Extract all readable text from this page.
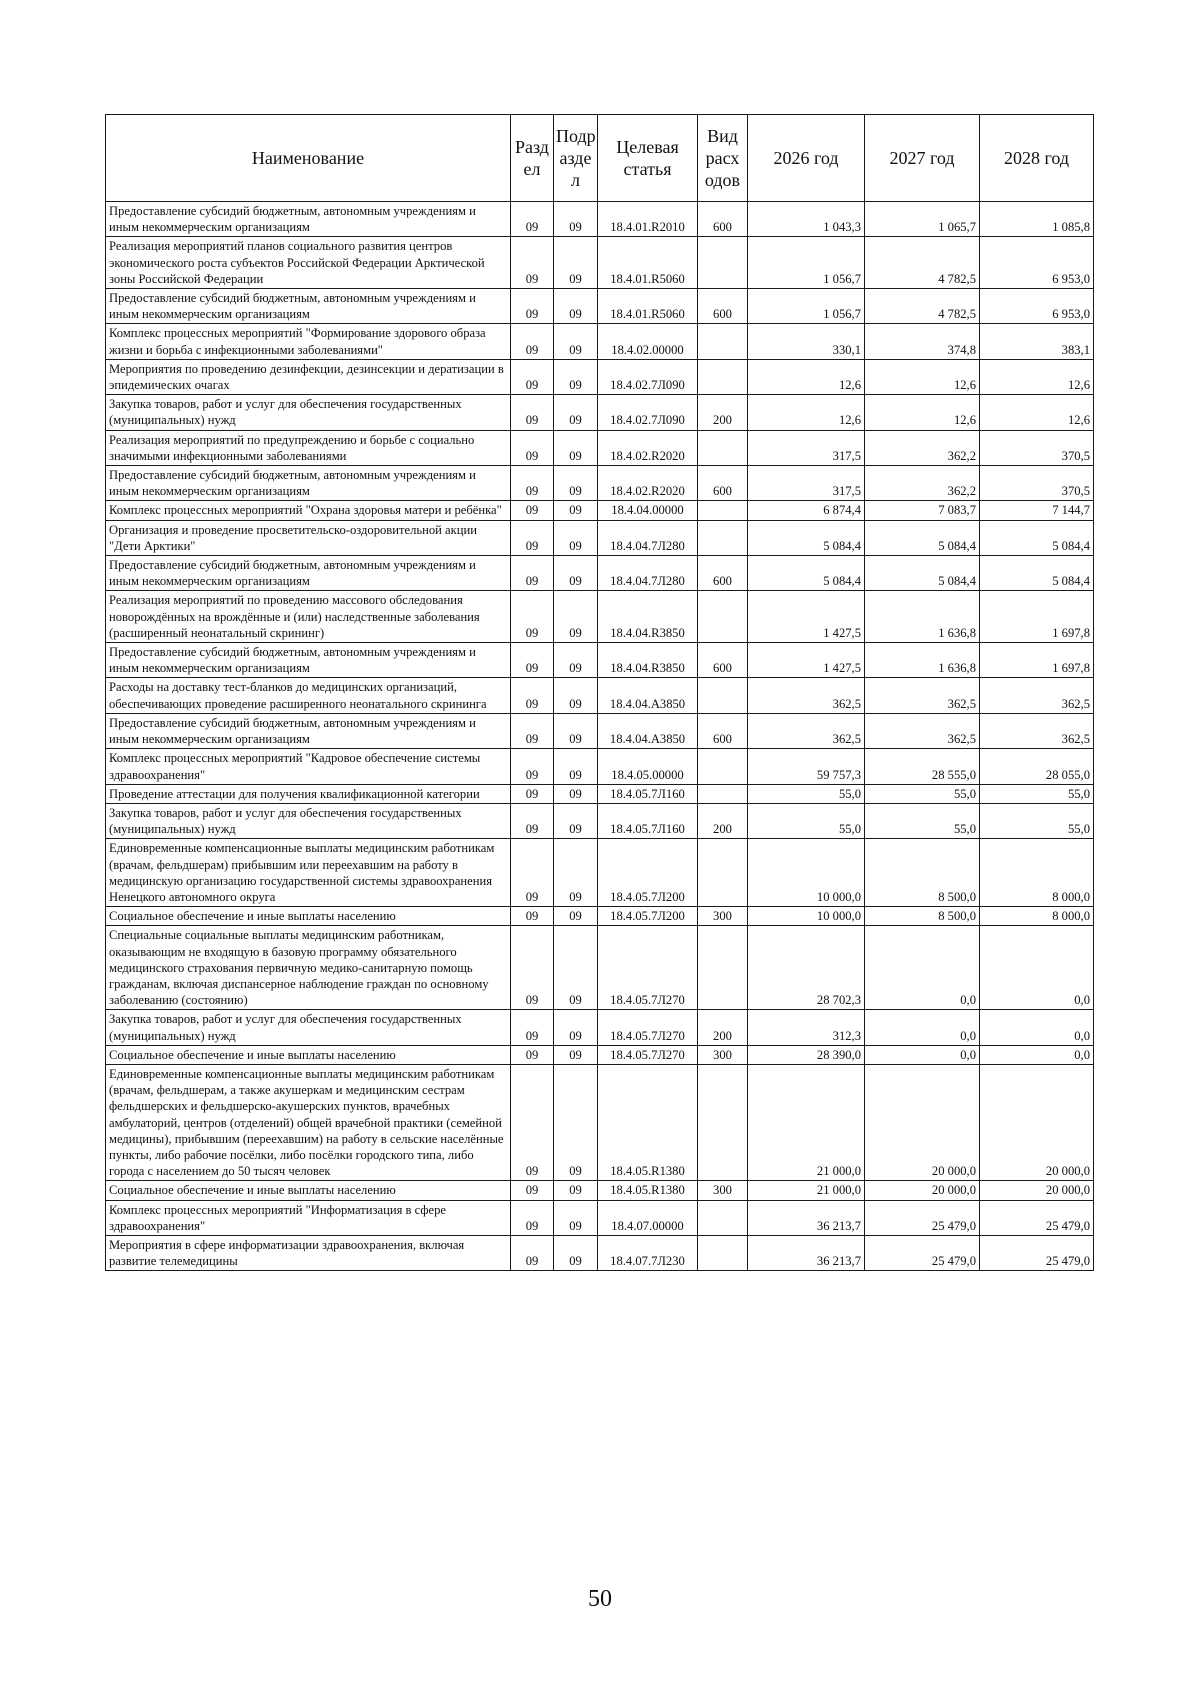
Наименование	Разд ел	Подр азде л	Целевая статья	Вид расх одов	2026 год	2027 год	2028 год
Предоставление субсидий бюджетным, автономным учреждениям и иным некоммерческим организациям	09	09	18.4.01.R2010	600	1 043,3	1 065,7	1 085,8
Реализация мероприятий планов социального развития центров экономического роста субъектов Российской Федерации Арктической зоны Российской Федерации	09	09	18.4.01.R5060		1 056,7	4 782,5	6 953,0
Предоставление субсидий бюджетным, автономным учреждениям и иным некоммерческим организациям	09	09	18.4.01.R5060	600	1 056,7	4 782,5	6 953,0
Комплекс процессных мероприятий "Формирование здорового образа жизни и борьба с инфекционными заболеваниями"	09	09	18.4.02.00000		330,1	374,8	383,1
Мероприятия по проведению дезинфекции, дезинсекции и дератизации в эпидемических очагах	09	09	18.4.02.7Л090		12,6	12,6	12,6
Закупка товаров, работ и услуг для обеспечения государственных (муниципальных) нужд	09	09	18.4.02.7Л090	200	12,6	12,6	12,6
Реализация мероприятий по предупреждению и борьбе с социально значимыми инфекционными заболеваниями	09	09	18.4.02.R2020		317,5	362,2	370,5
Предоставление субсидий бюджетным, автономным учреждениям и иным некоммерческим организациям	09	09	18.4.02.R2020	600	317,5	362,2	370,5
Комплекс процессных мероприятий "Охрана здоровья матери и ребёнка"	09	09	18.4.04.00000		6 874,4	7 083,7	7 144,7
Организация и проведение просветительско-оздоровительной акции "Дети Арктики"	09	09	18.4.04.7Л280		5 084,4	5 084,4	5 084,4
Предоставление субсидий бюджетным, автономным учреждениям и иным некоммерческим организациям	09	09	18.4.04.7Л280	600	5 084,4	5 084,4	5 084,4
Реализация мероприятий по проведению массового обследования новорождённых на врождённые и (или) наследственные заболевания (расширенный неонатальный скрининг)	09	09	18.4.04.R3850		1 427,5	1 636,8	1 697,8
Предоставление субсидий бюджетным, автономным учреждениям и иным некоммерческим организациям	09	09	18.4.04.R3850	600	1 427,5	1 636,8	1 697,8
Расходы на доставку тест-бланков до медицинских организаций, обеспечивающих проведение расширенного неонатального скрининга	09	09	18.4.04.A3850		362,5	362,5	362,5
Предоставление субсидий бюджетным, автономным учреждениям и иным некоммерческим организациям	09	09	18.4.04.A3850	600	362,5	362,5	362,5
Комплекс процессных мероприятий "Кадровое обеспечение системы здравоохранения"	09	09	18.4.05.00000		59 757,3	28 555,0	28 055,0
Проведение аттестации для получения квалификационной категории	09	09	18.4.05.7Л160		55,0	55,0	55,0
Закупка товаров, работ и услуг для обеспечения государственных (муниципальных) нужд	09	09	18.4.05.7Л160	200	55,0	55,0	55,0
Единовременные компенсационные выплаты медицинским работникам (врачам, фельдшерам) прибывшим или переехавшим на работу в медицинскую организацию государственной системы здравоохранения Ненецкого автономного округа	09	09	18.4.05.7Л200		10 000,0	8 500,0	8 000,0
Социальное обеспечение и иные выплаты населению	09	09	18.4.05.7Л200	300	10 000,0	8 500,0	8 000,0
Специальные социальные выплаты медицинским работникам, оказывающим не входящую в базовую программу обязательного медицинского страхования первичную медико-санитарную помощь гражданам, включая диспансерное наблюдение граждан по основному заболеванию (состоянию)	09	09	18.4.05.7Л270		28 702,3	0,0	0,0
Закупка товаров, работ и услуг для обеспечения государственных (муниципальных) нужд	09	09	18.4.05.7Л270	200	312,3	0,0	0,0
Социальное обеспечение и иные выплаты населению	09	09	18.4.05.7Л270	300	28 390,0	0,0	0,0
Единовременные компенсационные выплаты медицинским работникам (врачам, фельдшерам, а также акушеркам и медицинским сестрам фельдшерских и фельдшерско-акушерских пунктов, врачебных амбулаторий, центров (отделений) общей врачебной практики (семейной медицины), прибывшим (переехавшим) на работу в сельские населённые пункты, либо рабочие посёлки, либо посёлки городского типа, либо города с населением до 50 тысяч человек	09	09	18.4.05.R1380		21 000,0	20 000,0	20 000,0
Социальное обеспечение и иные выплаты населению	09	09	18.4.05.R1380	300	21 000,0	20 000,0	20 000,0
Комплекс процессных мероприятий "Информатизация в сфере здравоохранения"	09	09	18.4.07.00000		36 213,7	25 479,0	25 479,0
Мероприятия в сфере информатизации здравоохранения, включая развитие телемедицины	09	09	18.4.07.7Л230		36 213,7	25 479,0	25 479,0
50
